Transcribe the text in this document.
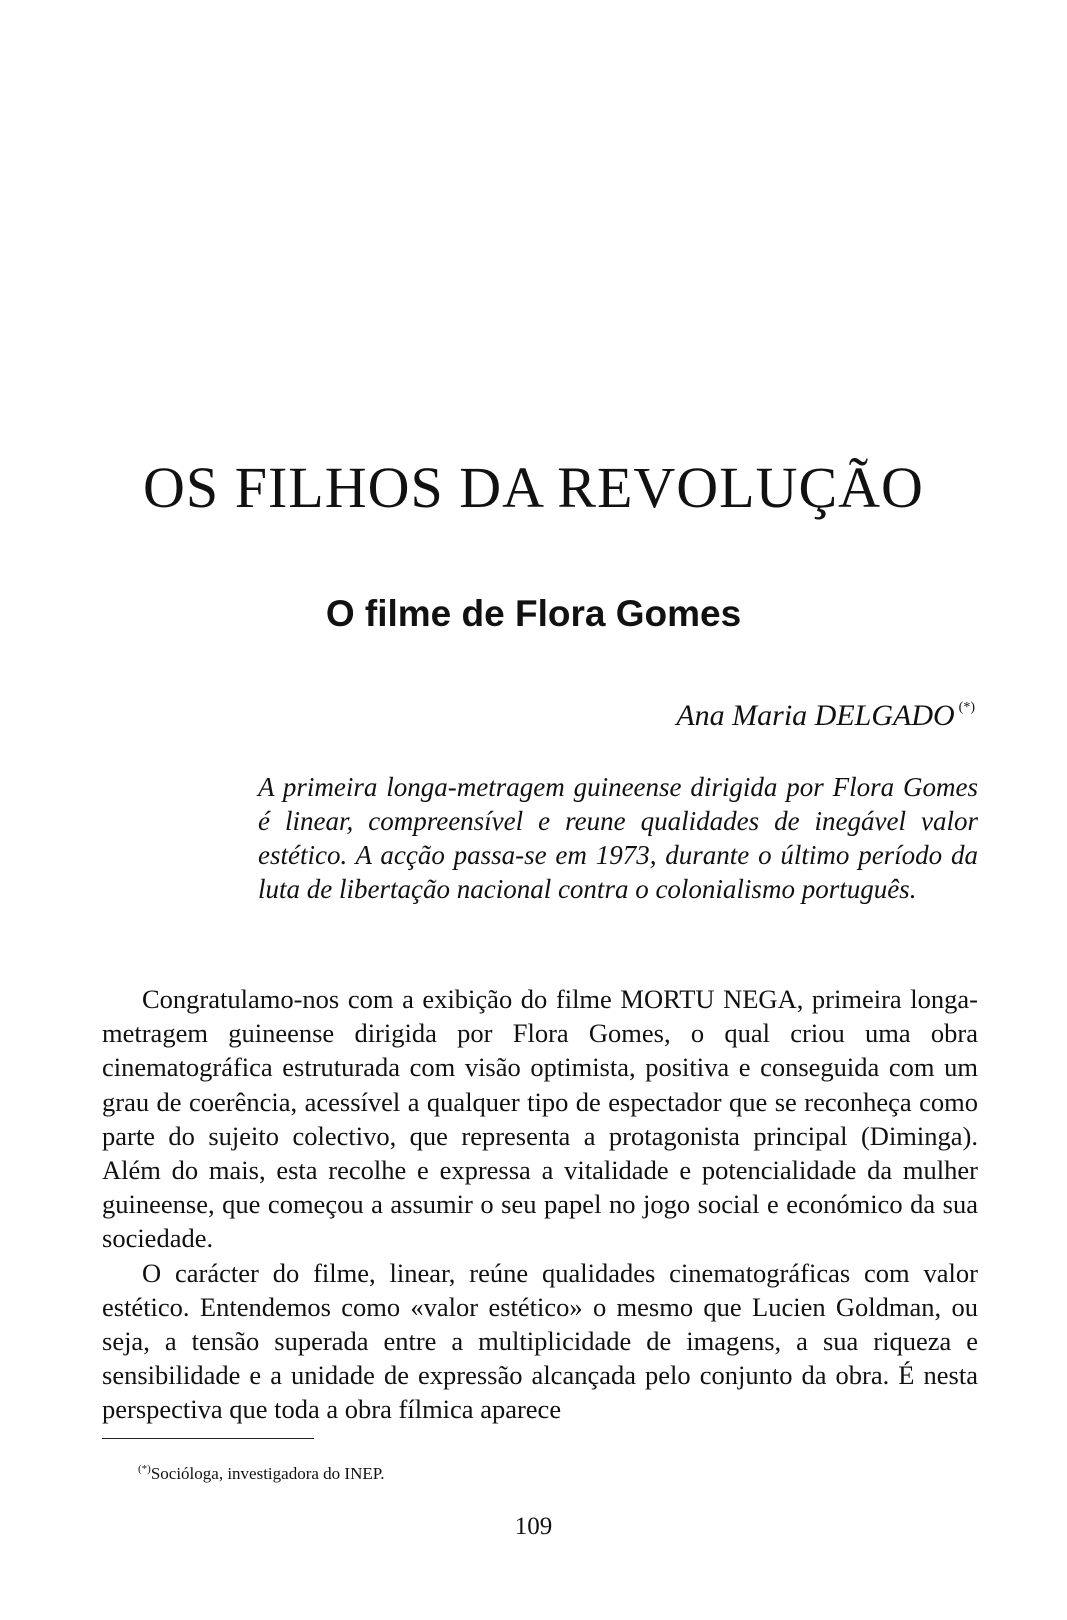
OS FILHOS DA REVOLUÇÃO
O filme de Flora Gomes
Ana Maria DELGADO (*)

A primeira longa-metragem guineense dirigida por Flora Gomes é linear, compreensível e reune qualidades de inegável valor estético. A acção passa-se em 1973, durante o último período da luta de libertação nacional contra o colonialismo português.

Congratulamo-nos com a exibição do filme MORTU NEGA, primeira longa-metragem guineense dirigida por Flora Gomes, o qual criou uma obra cinematográfica estruturada com visão optimista, positiva e conseguida com um grau de coerência, acessível a qualquer tipo de espectador que se reconheça como parte do sujeito colectivo, que representa a protagonista principal (Diminga). Além do mais, esta recolhe e expressa a vitalidade e potencialidade da mulher guineense, que começou a assumir o seu papel no jogo social e económico da sua sociedade.

O carácter do filme, linear, reúne qualidades cinematográficas com valor estético. Entendemos como «valor estético» o mesmo que Lucien Goldman, ou seja, a tensão superada entre a multiplicidade de imagens, a sua riqueza e sensibilidade e a unidade de expressão alcançada pelo conjunto da obra. É nesta perspectiva que toda a obra fílmica aparece

(*)Socióloga, investigadora do INEP.
109
